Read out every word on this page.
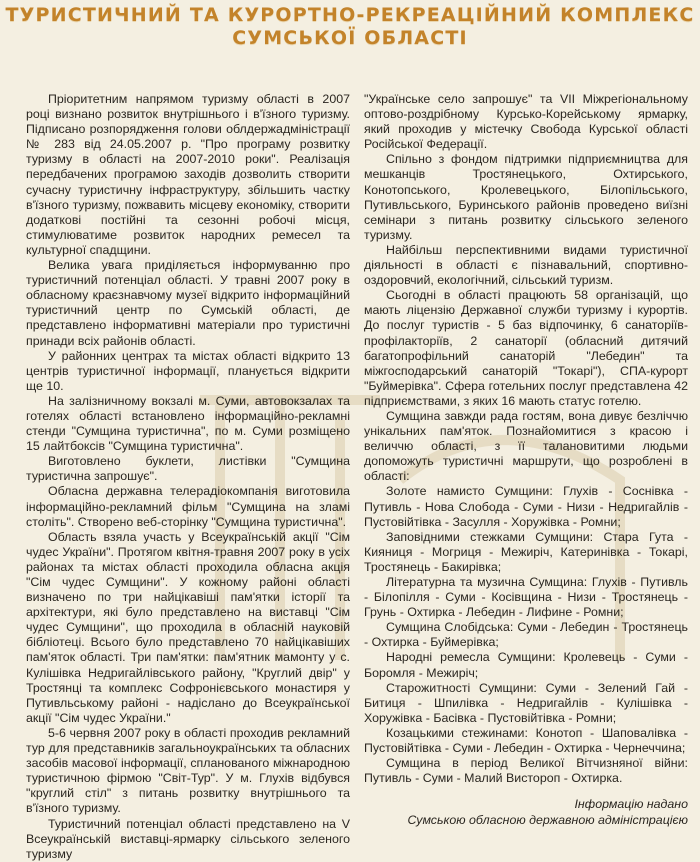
ТУРИСТИЧНИЙ ТА КУРОРТНО-РЕКРЕАЦІЙНИЙ КОМПЛЕКС
СУМСЬКОЇ ОБЛАСТІ

Пріоритетним напрямом туризму області в 2007 році визнано розвиток внутрішнього і в'їзного туризму. Підписано розпорядження голови облдержадміністрації № 283 від 24.05.2007 р. "Про програму розвитку туризму в області на 2007-2010 роки". Реалізація передбачених програмою заходів дозволить створити сучасну туристичну інфраструктуру, збільшить частку в'їзного туризму, пожвавить місцеву економіку, створити додаткові постійні та сезонні робочі місця, стимулюватиме розвиток народних ремесел та культурної спадщини.

Велика увага приділяється інформуванню про туристичний потенціал області. У травні 2007 року в обласному краєзнавчому музеї відкрито інформаційний туристичний центр по Сумській області, де представлено інформативні матеріали про туристичні принади всіх районів області.

У районних центрах та містах області відкрито 13 центрів туристичної інформації, планується відкрити ще 10.

На залізничному вокзалі м. Суми, автовокзалах та готелях області встановлено інформаційно-рекламні стенди "Сумщина туристична", по м. Суми розміщено 15 лайтбоксів "Сумщина туристична".

Виготовлено буклети, листівки "Сумщина туристична запрошує".

Обласна державна телерадіокомпанія виготовила інформаційно-рекламний фільм "Сумщина на зламі століть". Створено веб-сторінку "Сумщина туристична".

Область взяла участь у Всеукраїнській акції "Сім чудес України". Протягом квітня-травня 2007 року в усіх районах та містах області проходила обласна акція "Сім чудес Сумщини". У кожному районі області визначено по три найцікавіші пам'ятки історії та архітектури, які було представлено на виставці "Сім чудес Сумщини", що проходила в обласній науковій бібліотеці. Всього було представлено 70 найцікавіших пам'яток області. Три пам'ятки: пам'ятник мамонту у с. Кулішівка Недригайлівського району, "Круглий двір" у Тростянці та комплекс Софронієвського монастиря у Путивльському районі - надіслано до Всеукраїнської акції "Сім чудес України."

5-6 червня 2007 року в області проходив рекламний тур для представників загальноукраїнських та обласних засобів масової інформації, спланованого міжнародною туристичною фірмою "Світ-Тур". У м. Глухів відбувся "круглий стіл" з питань розвитку внутрішнього та в'їзного туризму.

Туристичний потенціал області представлено на V Всеукраїнській виставці-ярмарку сільського зеленого туризму

"Українське село запрошує" та VII Міжрегіональному оптово-роздрібному Курсько-Корейському ярмарку, який проходив у містечку Свобода Курської області Російської Федерації.

Спільно з фондом підтримки підприємництва для мешканців Тростянецького, Охтирського, Конотопського, Кролевецького, Білопільського, Путивльського, Буринського районів проведено виїзні семінари з питань розвитку сільського зеленого туризму.

Найбільш перспективними видами туристичної діяльності в області є пізнавальний, спортивно-оздоровчий, екологічний, сільський туризм.

Сьогодні в області працюють 58 організацій, що мають ліцензію Державної служби туризму і курортів. До послуг туристів - 5 баз відпочинку, 6 санаторіїв-профілакторіїв, 2 санаторії (обласний дитячий багатопрофільний санаторій "Лебедин" та міжгосподарський санаторій "Токарі"), СПА-курорт "Буймерівка". Сфера готельних послуг представлена 42 підприємствами, з яких 16 мають статус готелю.

Сумщина завжди рада гостям, вона дивує безліччю унікальних пам'яток. Познайомитися з красою і величчю області, з її талановитими людьми допоможуть туристичні маршрути, що розроблені в області:

Золоте намисто Сумщини: Глухів - Соснівка - Путивль - Нова Слобода - Суми - Низи - Недригайлів - Пустовійтівка - Засулля - Хоружівка - Ромни;

Заповідними стежками Сумщини: Стара Гута - Кияниця - Могриця - Межиріч, Катеринівка - Токарі, Тростянець - Бакирівка;

Літературна та музична Сумщина: Глухів - Путивль - Білопілля - Суми - Косівщина - Низи - Тростянець - Грунь - Охтирка - Лебедин - Лифине - Ромни;

Сумщина Слобідська: Суми - Лебедин - Тростянець - Охтирка - Буймерівка;

Народні ремесла Сумщини: Кролевець - Суми - Боромля - Межиріч;

Старожитності Сумщини: Суми - Зелений Гай - Битиця - Шпилівка - Недригайлів - Кулішівка - Хоружівка - Басівка - Пустовійтівка - Ромни;

Козацькими стежинами: Конотоп - Шаповалівка - Пустовійтівка - Суми - Лебедин - Охтирка - Чернеччина;

Сумщина в період Великої Вітчизняної війни: Путивль - Суми - Малий Вистороп - Охтирка.

Інформацію надано
Сумською обласною державною адміністрацією
